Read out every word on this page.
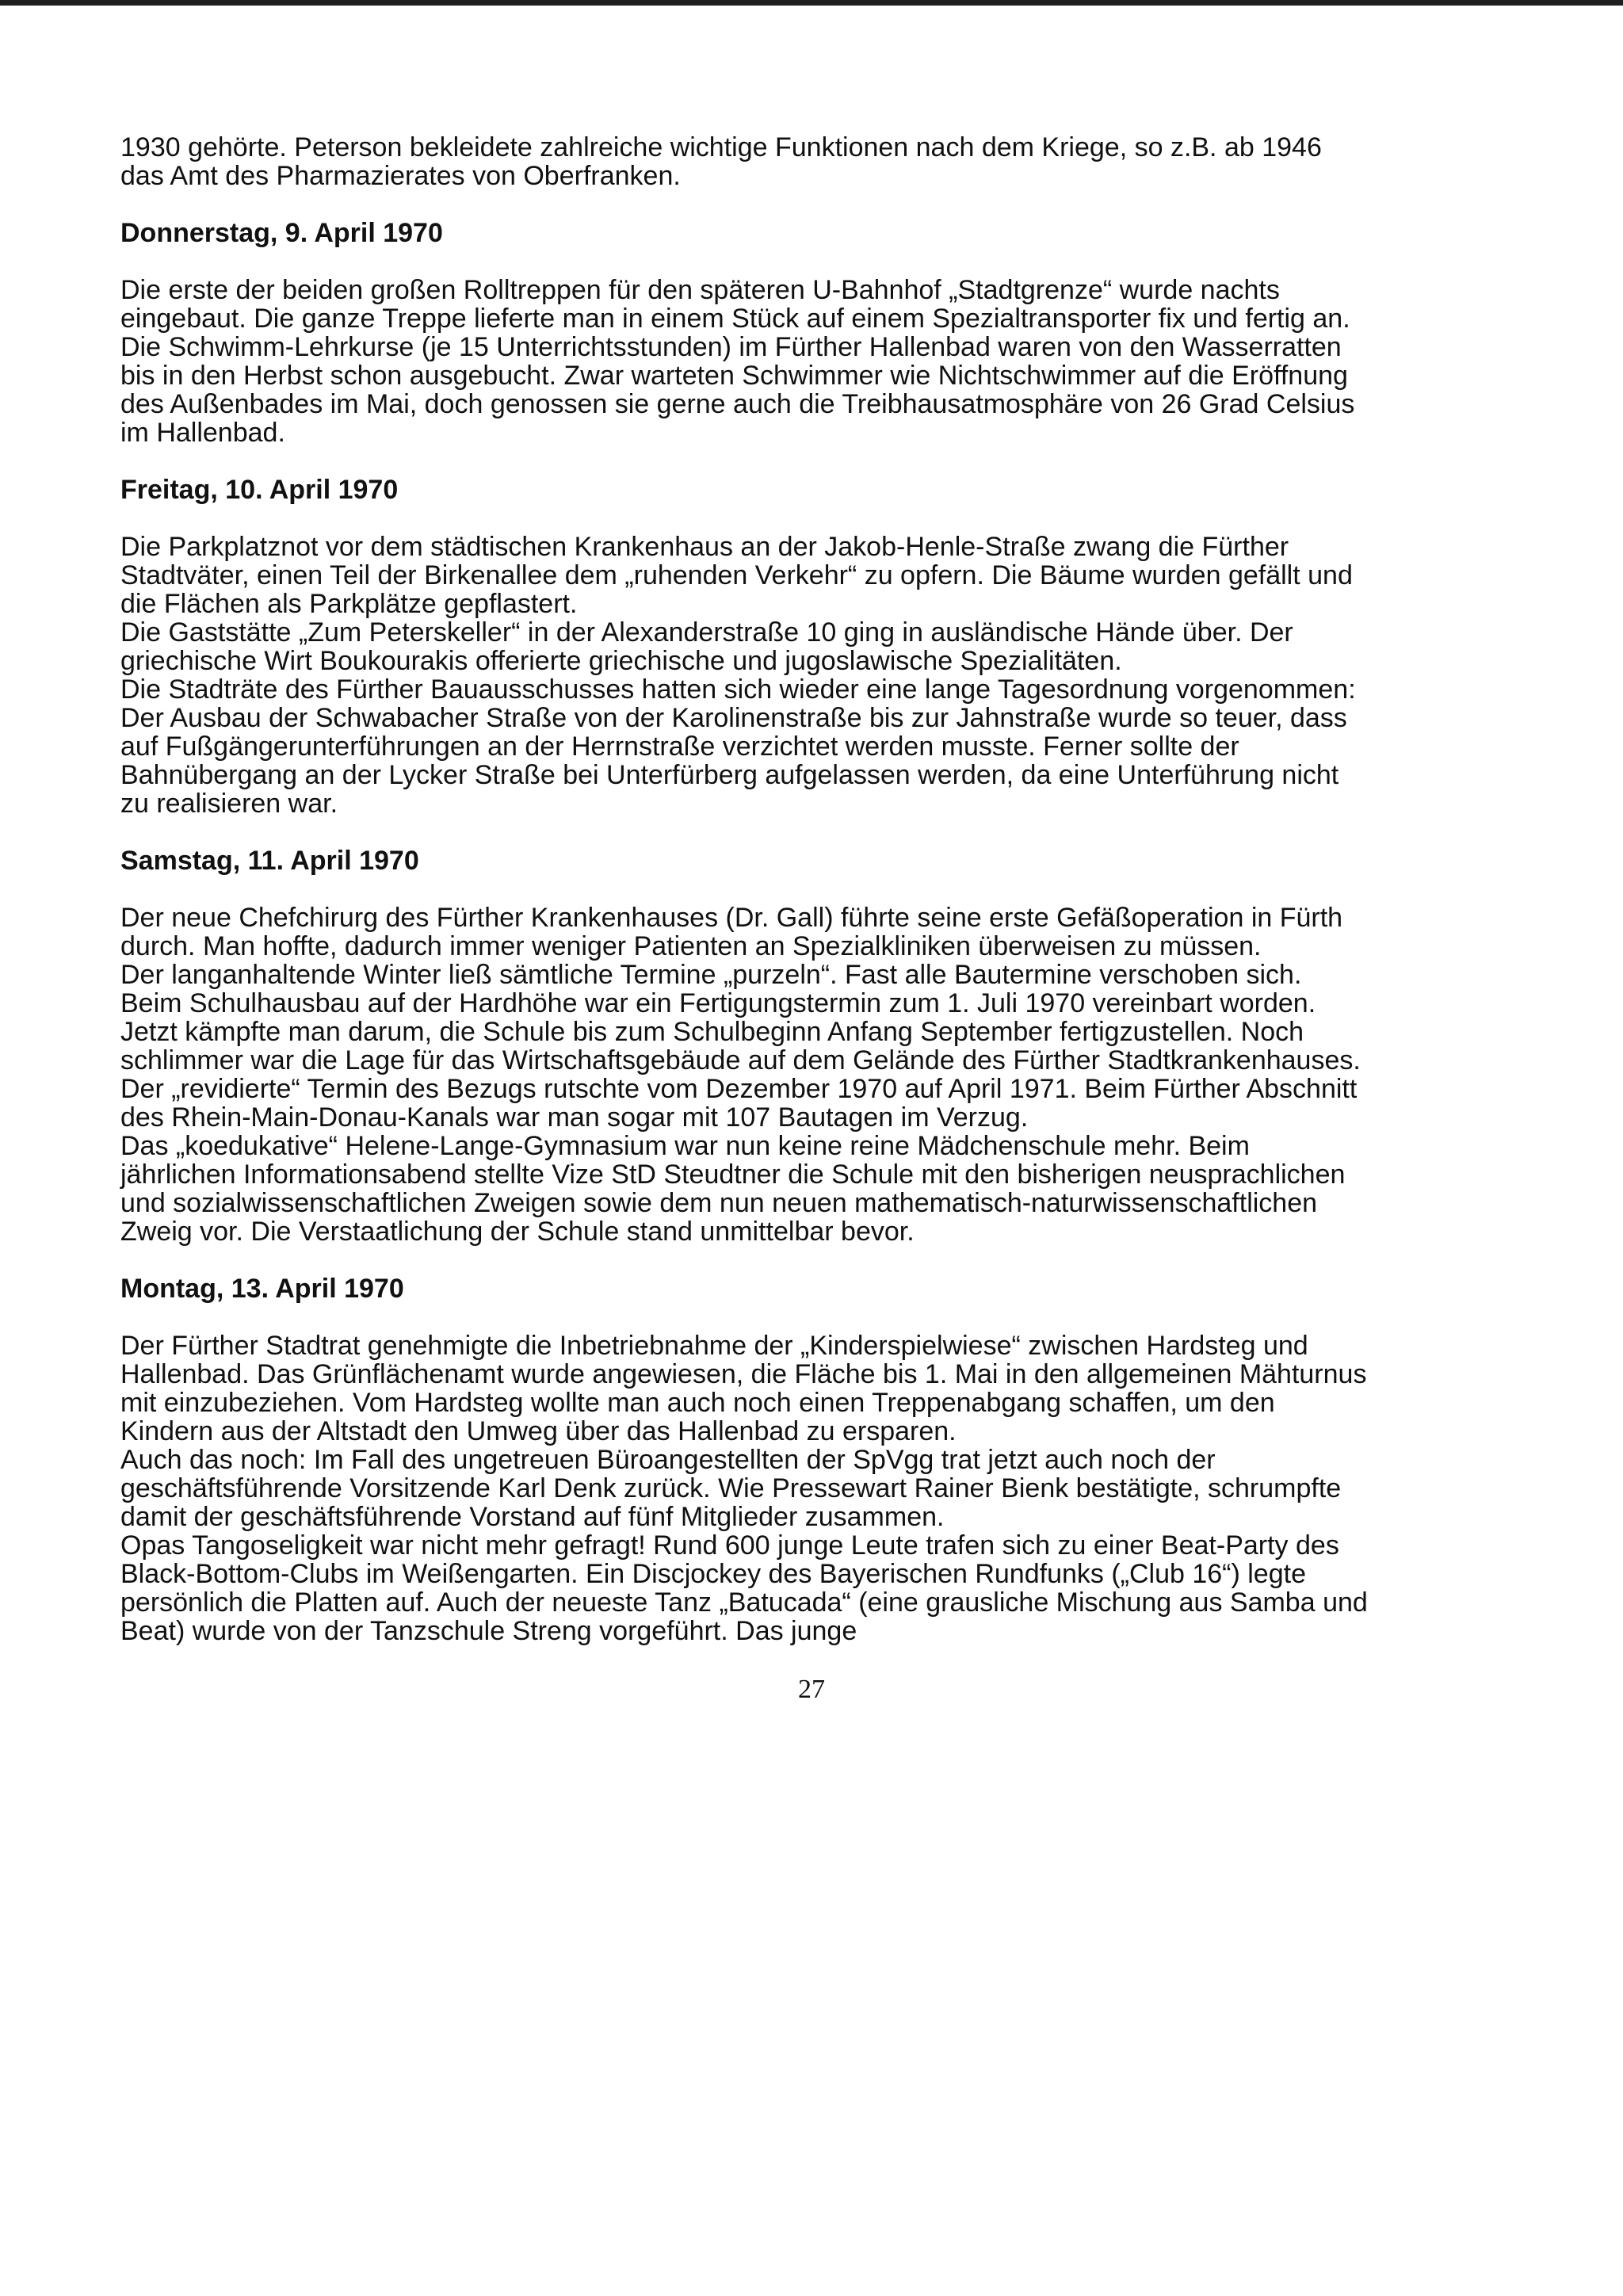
1930 gehörte. Peterson bekleidete zahlreiche wichtige Funktionen nach dem Kriege, so z.B. ab 1946 das Amt des Pharmazierates von Oberfranken.

Donnerstag, 9. April 1970

Die erste der beiden großen Rolltreppen für den späteren U-Bahnhof „Stadtgrenze“ wurde nachts eingebaut. Die ganze Treppe lieferte man in einem Stück auf einem Spezialtransporter fix und fertig an.

Die Schwimm-Lehrkurse (je 15 Unterrichtsstunden) im Fürther Hallenbad waren von den Wasserratten bis in den Herbst schon ausgebucht. Zwar warteten Schwimmer wie Nichtschwimmer auf die Eröffnung des Außenbades im Mai, doch genossen sie gerne auch die Treibhausatmosphäre von 26 Grad Celsius im Hallenbad.

Freitag, 10. April 1970

Die Parkplatznot vor dem städtischen Krankenhaus an der Jakob-Henle-Straße zwang die Fürther Stadtväter, einen Teil der Birkenallee dem „ruhenden Verkehr“ zu opfern. Die Bäume wurden gefällt und die Flächen als Parkplätze gepflastert.

Die Gaststätte „Zum Peterskeller“ in der Alexanderstraße 10 ging in ausländische Hände über. Der griechische Wirt Boukourakis offerierte griechische und jugoslawische Spezialitäten.

Die Stadträte des Fürther Bauausschusses hatten sich wieder eine lange Tagesordnung vorgenommen: Der Ausbau der Schwabacher Straße von der Karolinenstraße bis zur Jahnstraße wurde so teuer, dass auf Fußgängerunterführungen an der Herrnstraße verzichtet werden musste. Ferner sollte der Bahnübergang an der Lycker Straße bei Unterfürberg aufgelassen werden, da eine Unterführung nicht zu realisieren war.

Samstag, 11. April 1970

Der neue Chefchirurg des Fürther Krankenhauses (Dr. Gall) führte seine erste Gefäßoperation in Fürth durch. Man hoffte, dadurch immer weniger Patienten an Spezialkliniken überweisen zu müssen.

Der langanhaltende Winter ließ sämtliche Termine „purzeln“. Fast alle Bautermine verschoben sich. Beim Schulhausbau auf der Hardhöhe war ein Fertigungstermin zum 1. Juli 1970 vereinbart worden. Jetzt kämpfte man darum, die Schule bis zum Schulbeginn Anfang September fertigzustellen. Noch schlimmer war die Lage für das Wirtschaftsgebäude auf dem Gelände des Fürther Stadtkrankenhauses. Der „revidierte“ Termin des Bezugs rutschte vom Dezember 1970 auf April 1971. Beim Fürther Abschnitt des Rhein-Main-Donau-Kanals war man sogar mit 107 Bautagen im Verzug.

Das „koedukative“ Helene-Lange-Gymnasium war nun keine reine Mädchenschule mehr. Beim jährlichen Informationsabend stellte Vize StD Steudtner die Schule mit den bisherigen neusprachlichen und sozialwissenschaftlichen Zweigen sowie dem nun neuen mathematisch-naturwissenschaftlichen Zweig vor. Die Verstaatlichung der Schule stand unmittelbar bevor.

Montag, 13. April 1970

Der Fürther Stadtrat genehmigte die Inbetriebnahme der „Kinderspielwiese“ zwischen Hardsteg und Hallenbad. Das Grünflächenamt wurde angewiesen, die Fläche bis 1. Mai in den allgemeinen Mähturnus mit einzubeziehen. Vom Hardsteg wollte man auch noch einen Treppenabgang schaffen, um den Kindern aus der Altstadt den Umweg über das Hallenbad zu ersparen.

Auch das noch: Im Fall des ungetreuen Büroangestellten der SpVgg trat jetzt auch noch der geschäftsführende Vorsitzende Karl Denk zurück. Wie Pressewart Rainer Bienk bestätigte, schrumpfte damit der geschäftsführende Vorstand auf fünf Mitglieder zusammen.

Opas Tangoseligkeit war nicht mehr gefragt! Rund 600 junge Leute trafen sich zu einer Beat-Party des Black-Bottom-Clubs im Weißengarten. Ein Discjockey des Bayerischen Rundfunks („Club 16“) legte persönlich die Platten auf. Auch der neueste Tanz „Batucada“ (eine grausliche Mischung aus Samba und Beat) wurde von der Tanzschule Streng vorgeführt. Das junge

27
